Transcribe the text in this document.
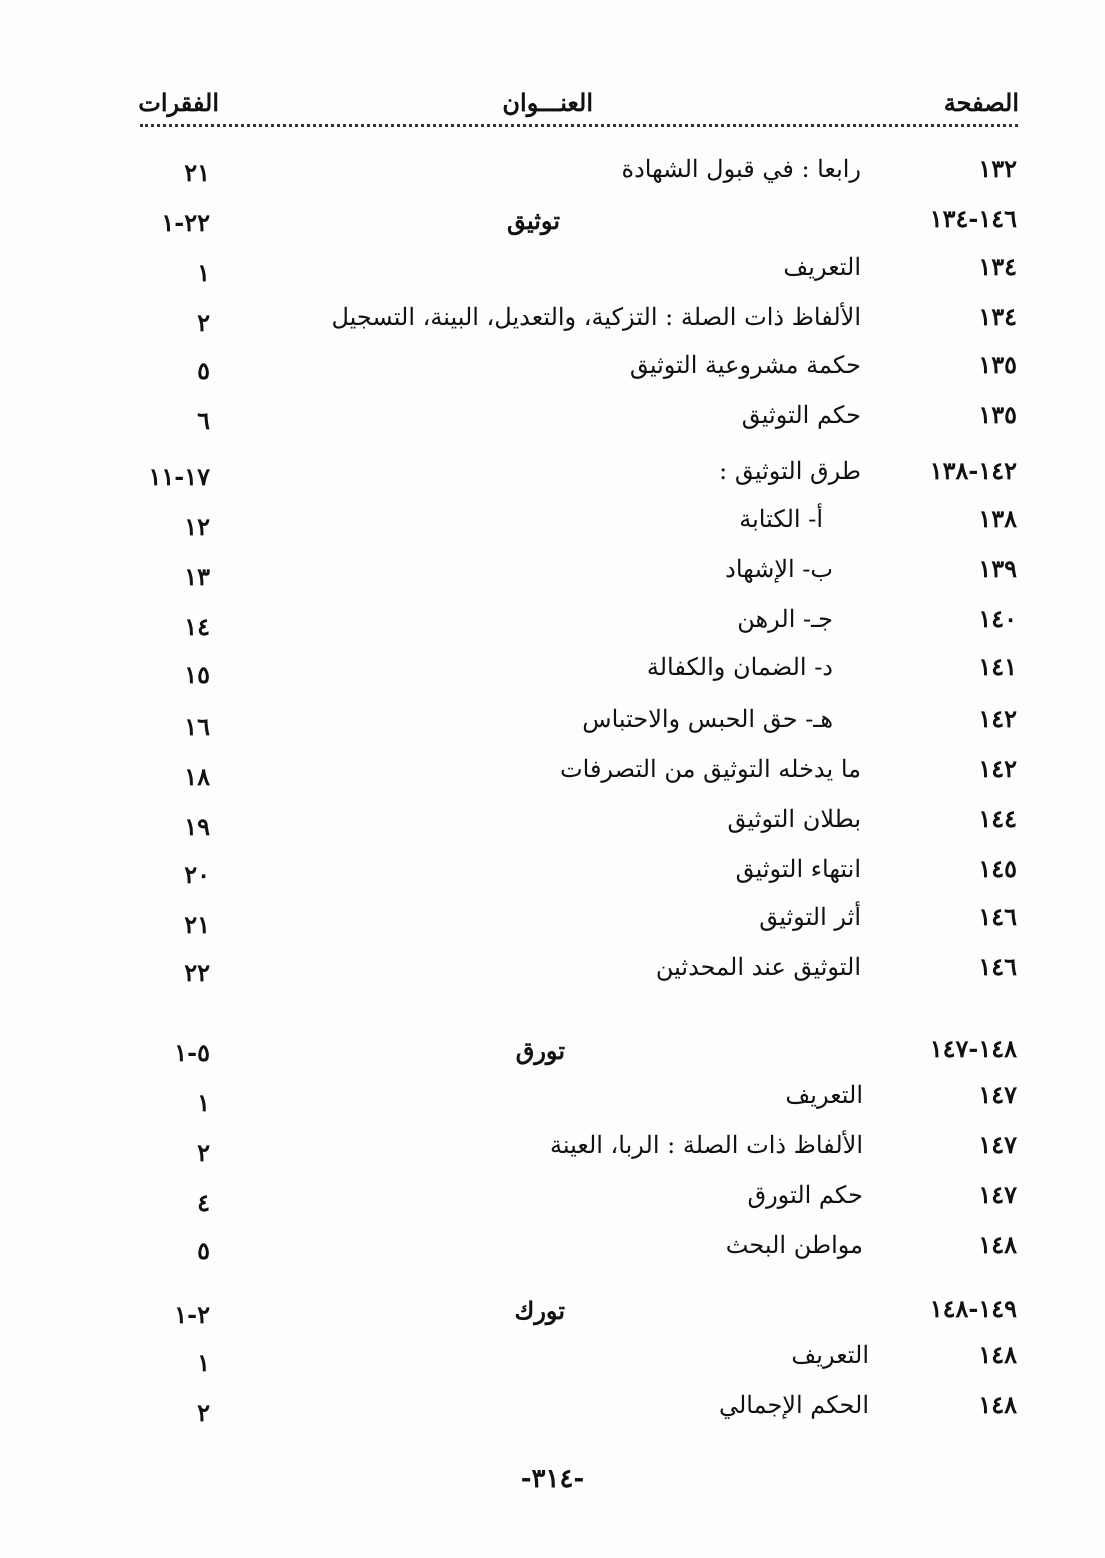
الصفحة
العنـــوان
الفقرات
١٣٢
رابعا : في قبول الشهادة
٢١
١٤٦-١٣٤
توثيق
٢٢-١
١٣٤
التعريف
١
١٣٤
الألفاظ ذات الصلة : التزكية، والتعديل، البينة، التسجيل
٢
١٣٥
حكمة مشروعية التوثيق
٥
١٣٥
حكم التوثيق
٦
١٤٢-١٣٨
طرق التوثيق :
١٧-١١
١٣٨
أ- الكتابة
١٢
١٣٩
ب- الإشهاد
١٣
١٤٠
جـ- الرهن
١٤
١٤١
د- الضمان والكفالة
١٥
١٤٢
هـ- حق الحبس والاحتباس
١٦
١٤٢
ما يدخله التوثيق من التصرفات
١٨
١٤٤
بطلان التوثيق
١٩
١٤٥
انتهاء التوثيق
٢٠
١٤٦
أثر التوثيق
٢١
١٤٦
التوثيق عند المحدثين
٢٢
١٤٨-١٤٧
تورق
٥-١
١٤٧
التعريف
١
١٤٧
الألفاظ ذات الصلة : الربا، العينة
٢
١٤٧
حكم التورق
٤
١٤٨
مواطن البحث
٥
١٤٩-١٤٨
تورك
٢-١
١٤٨
التعريف
١
١٤٨
الحكم الإجمالي
٢
-٣١٤-
